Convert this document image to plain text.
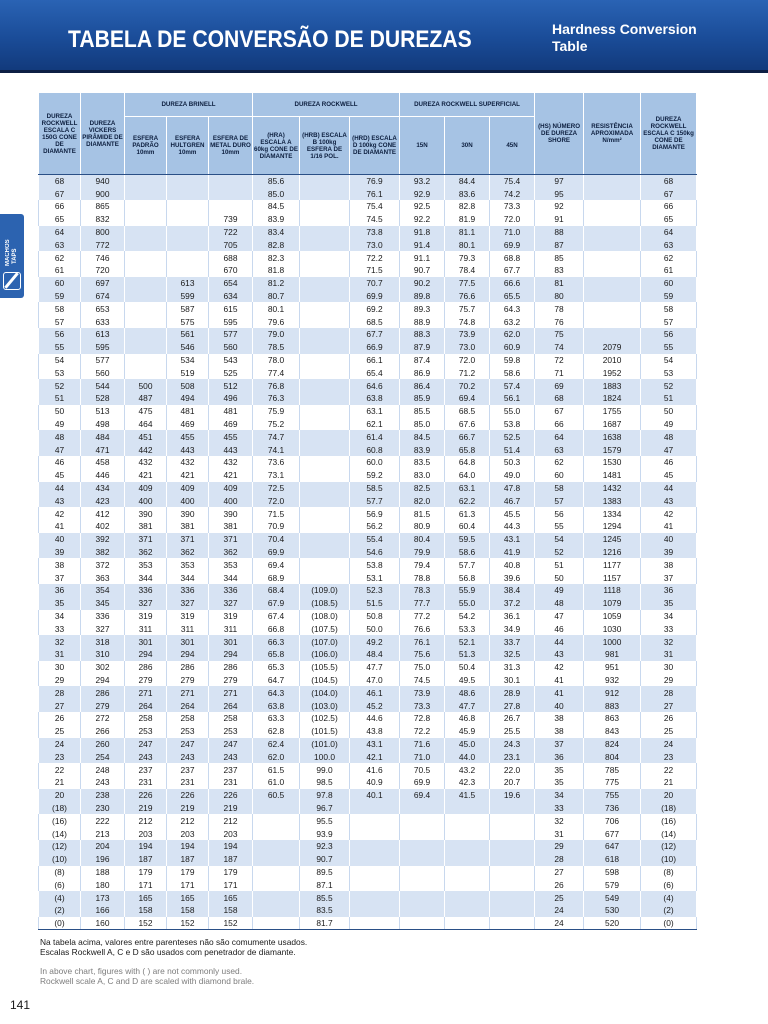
TABELA DE CONVERSÃO DE DUREZAS	Hardness Conversion Table
MACHOS TAPS
DUREZA ROCKWELL ESCALA C 150G CONE DE DIAMANTE	DUREZA VICKERS PIRÂMIDE DE DIAMANTE	DUREZA BRINELL			DUREZA ROCKWELL			DUREZA ROCKWELL SUPERFICIAL			(HS) NÚMERO DE DUREZA SHORE	RESISTÊNCIA APROXIMADA N/mm²	DUREZA ROCKWELL ESCALA C 150kg CONE DE DIAMANTE
		ESFERA PADRÃO 10mm	ESFERA HULTGREN 10mm	ESFERA DE METAL DURO 10mm	(HRA) ESCALA A 60kg CONE DE DIAMANTE	(HRB) ESCALA B 100kg ESFERA DE 1/16 POL.	(HRD) ESCALA D 100kg CONE DE DIAMANTE	15N	30N	45N			
68	940				85.6		76.9	93.2	84.4	75.4	97		68
67	900				85.0		76.1	92.9	83.6	74.2	95		67
66	865				84.5		75.4	92.5	82.8	73.3	92		66
65	832			739	83.9		74.5	92.2	81.9	72.0	91		65
64	800			722	83.4		73.8	91.8	81.1	71.0	88		64
63	772			705	82.8		73.0	91.4	80.1	69.9	87		63
62	746			688	82.3		72.2	91.1	79.3	68.8	85		62
61	720			670	81.8		71.5	90.7	78.4	67.7	83		61
60	697		613	654	81.2		70.7	90.2	77.5	66.6	81		60
59	674		599	634	80.7		69.9	89.8	76.6	65.5	80		59
58	653		587	615	80.1		69.2	89.3	75.7	64.3	78		58
57	633		575	595	79.6		68.5	88.9	74.8	63.2	76		57
56	613		561	577	79.0		67.7	88.3	73.9	62.0	75		56
55	595		546	560	78.5		66.9	87.9	73.0	60.9	74	2079	55
54	577		534	543	78.0		66.1	87.4	72.0	59.8	72	2010	54
53	560		519	525	77.4		65.4	86.9	71.2	58.6	71	1952	53
52	544	500	508	512	76.8		64.6	86.4	70.2	57.4	69	1883	52
51	528	487	494	496	76.3		63.8	85.9	69.4	56.1	68	1824	51
50	513	475	481	481	75.9		63.1	85.5	68.5	55.0	67	1755	50
49	498	464	469	469	75.2		62.1	85.0	67.6	53.8	66	1687	49
48	484	451	455	455	74.7		61.4	84.5	66.7	52.5	64	1638	48
47	471	442	443	443	74.1		60.8	83.9	65.8	51.4	63	1579	47
46	458	432	432	432	73.6		60.0	83.5	64.8	50.3	62	1530	46
45	446	421	421	421	73.1		59.2	83.0	64.0	49.0	60	1481	45
44	434	409	409	409	72.5		58.5	82.5	63.1	47.8	58	1432	44
43	423	400	400	400	72.0		57.7	82.0	62.2	46.7	57	1383	43
42	412	390	390	390	71.5		56.9	81.5	61.3	45.5	56	1334	42
41	402	381	381	381	70.9		56.2	80.9	60.4	44.3	55	1294	41
40	392	371	371	371	70.4		55.4	80.4	59.5	43.1	54	1245	40
39	382	362	362	362	69.9		54.6	79.9	58.6	41.9	52	1216	39
38	372	353	353	353	69.4		53.8	79.4	57.7	40.8	51	1177	38
37	363	344	344	344	68.9		53.1	78.8	56.8	39.6	50	1157	37
36	354	336	336	336	68.4	(109.0)	52.3	78.3	55.9	38.4	49	1118	36
35	345	327	327	327	67.9	(108.5)	51.5	77.7	55.0	37.2	48	1079	35
34	336	319	319	319	67.4	(108.0)	50.8	77.2	54.2	36.1	47	1059	34
33	327	311	311	311	66.8	(107.5)	50.0	76.6	53.3	34.9	46	1030	33
32	318	301	301	301	66.3	(107.0)	49.2	76.1	52.1	33.7	44	1000	32
31	310	294	294	294	65.8	(106.0)	48.4	75.6	51.3	32.5	43	981	31
30	302	286	286	286	65.3	(105.5)	47.7	75.0	50.4	31.3	42	951	30
29	294	279	279	279	64.7	(104.5)	47.0	74.5	49.5	30.1	41	932	29
28	286	271	271	271	64.3	(104.0)	46.1	73.9	48.6	28.9	41	912	28
27	279	264	264	264	63.8	(103.0)	45.2	73.3	47.7	27.8	40	883	27
26	272	258	258	258	63.3	(102.5)	44.6	72.8	46.8	26.7	38	863	26
25	266	253	253	253	62.8	(101.5)	43.8	72.2	45.9	25.5	38	843	25
24	260	247	247	247	62.4	(101.0)	43.1	71.6	45.0	24.3	37	824	24
23	254	243	243	243	62.0	100.0	42.1	71.0	44.0	23.1	36	804	23
22	248	237	237	237	61.5	99.0	41.6	70.5	43.2	22.0	35	785	22
21	243	231	231	231	61.0	98.5	40.9	69.9	42.3	20.7	35	775	21
20	238	226	226	226	60.5	97.8	40.1	69.4	41.5	19.6	34	755	20
(18)	230	219	219	219		96.7					33	736	(18)
(16)	222	212	212	212		95.5					32	706	(16)
(14)	213	203	203	203		93.9					31	677	(14)
(12)	204	194	194	194		92.3					29	647	(12)
(10)	196	187	187	187		90.7					28	618	(10)
(8)	188	179	179	179		89.5					27	598	(8)
(6)	180	171	171	171		87.1					26	579	(6)
(4)	173	165	165	165		85.5					25	549	(4)
(2)	166	158	158	158		83.5					24	530	(2)
(0)	160	152	152	152		81.7					24	520	(0)
Na tabela acima, valores entre parenteses não são comumente usados.
Escalas Rockwell A, C e D são usados com penetrador de diamante.
In above chart, figures with ( ) are not commonly used.
Rockwell scale A, C and D are scaled with diamond brale.
141
